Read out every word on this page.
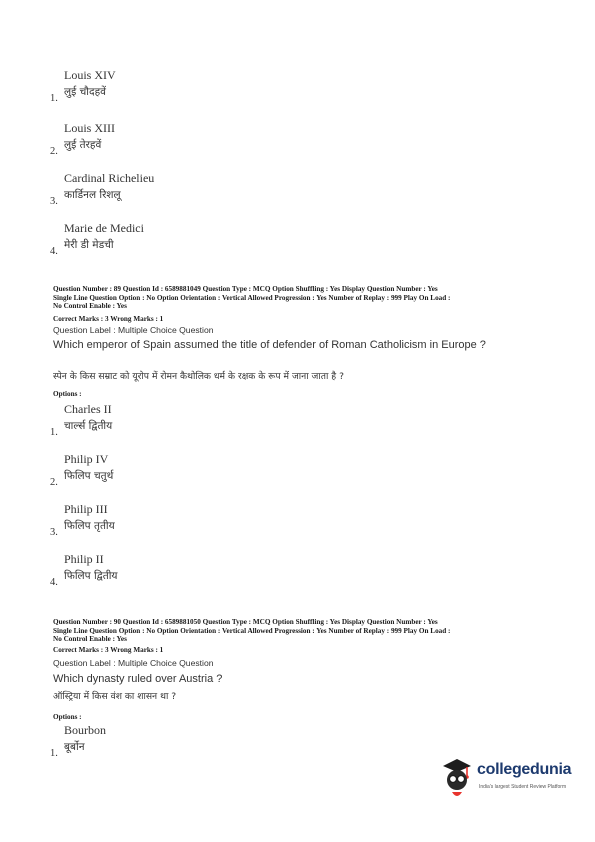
Louis XIV
1.
लुई चौदहवें
Louis XIII
2.
लुई तेरहवें
Cardinal Richelieu
3.
कार्डिनल रिशलू
Marie de Medici
4.
मेरी डी मेडची
Question Number : 89 Question Id : 6589881049 Question Type : MCQ Option Shuffling : Yes Display Question Number : Yes
Single Line Question Option : No Option Orientation : Vertical Allowed Progression : Yes Number of Replay : 999 Play On Load :
No Control Enable : Yes
Correct Marks : 3 Wrong Marks : 1
Question Label : Multiple Choice Question
Which emperor of Spain assumed the title of defender of Roman Catholicism in Europe ?
स्पेन के किस सम्राट को यूरोप में रोमन कैथोलिक धर्म के रक्षक के रूप में जाना जाता है ?
Options :
Charles II
1.
चार्ल्स द्वितीय
Philip IV
2.
फिलिप चतुर्थ
Philip III
3.
फिलिप तृतीय
Philip II
4.
फिलिप द्वितीय
Question Number : 90 Question Id : 6589881050 Question Type : MCQ Option Shuffling : Yes Display Question Number : Yes
Single Line Question Option : No Option Orientation : Vertical Allowed Progression : Yes Number of Replay : 999 Play On Load :
No Control Enable : Yes
Correct Marks : 3 Wrong Marks : 1
Question Label : Multiple Choice Question
Which dynasty ruled over Austria ?
ऑस्ट्रिया में किस वंश का शासन था ?
Options :
Bourbon
1.
बूर्बोन
collegedunia
India's largest Student Review Platform
